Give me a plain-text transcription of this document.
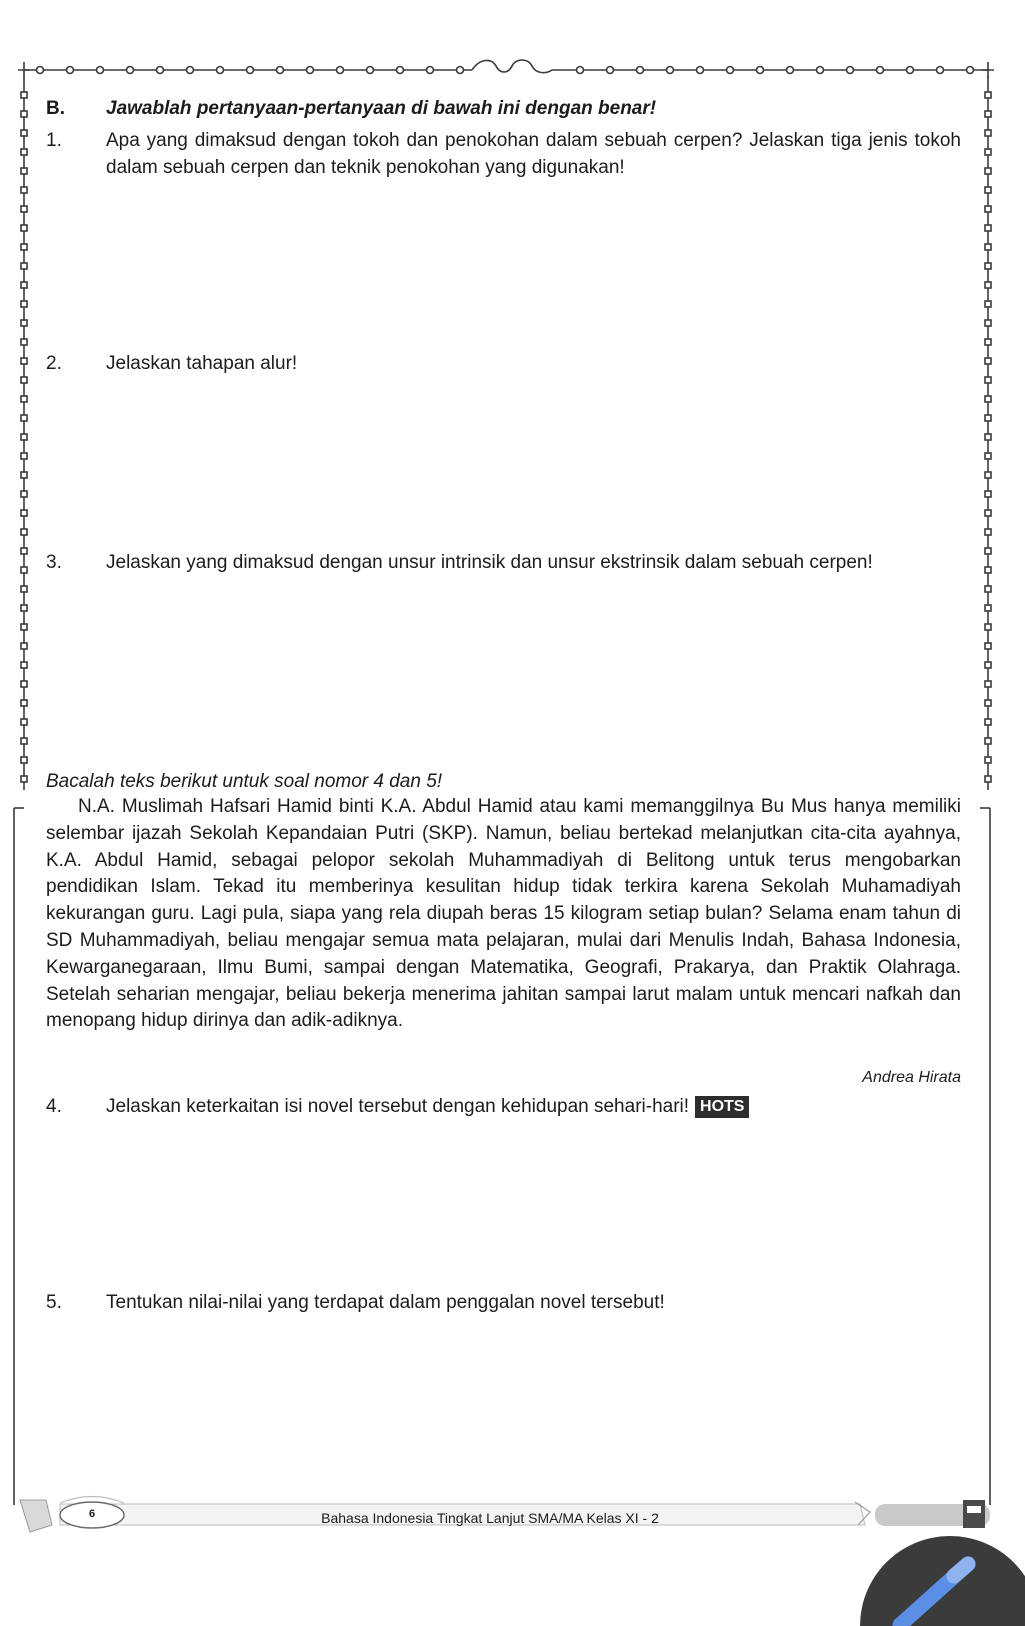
B. Jawablah pertanyaan-pertanyaan di bawah ini dengan benar!
1. Apa yang dimaksud dengan tokoh dan penokohan dalam sebuah cerpen? Jelaskan tiga jenis tokoh dalam sebuah cerpen dan teknik penokohan yang digunakan!
2. Jelaskan tahapan alur!
3. Jelaskan yang dimaksud dengan unsur intrinsik dan unsur ekstrinsik dalam sebuah cerpen!
Bacalah teks berikut untuk soal nomor 4 dan 5!

N.A. Muslimah Hafsari Hamid binti K.A. Abdul Hamid atau kami memanggilnya Bu Mus hanya memiliki selembar ijazah Sekolah Kepandaian Putri (SKP). Namun, beliau bertekad melanjutkan cita-cita ayahnya, K.A. Abdul Hamid, sebagai pelopor sekolah Muhammadiyah di Belitong untuk terus mengobarkan pendidikan Islam. Tekad itu memberinya kesulitan hidup tidak terkira karena Sekolah Muhamadiyah kekurangan guru. Lagi pula, siapa yang rela diupah beras 15 kilogram setiap bulan? Selama enam tahun di SD Muhammadiyah, beliau mengajar semua mata pelajaran, mulai dari Menulis Indah, Bahasa Indonesia, Kewarganegaraan, Ilmu Bumi, sampai dengan Matematika, Geografi, Prakarya, dan Praktik Olahraga. Setelah seharian mengajar, beliau bekerja menerima jahitan sampai larut malam untuk mencari nafkah dan menopang hidup dirinya dan adik-adiknya.

Andrea Hirata
4. Jelaskan keterkaitan isi novel tersebut dengan kehidupan sehari-hari! HOTS
5. Tentukan nilai-nilai yang terdapat dalam penggalan novel tersebut!
6	Bahasa Indonesia Tingkat Lanjut SMA/MA Kelas XI - 2
